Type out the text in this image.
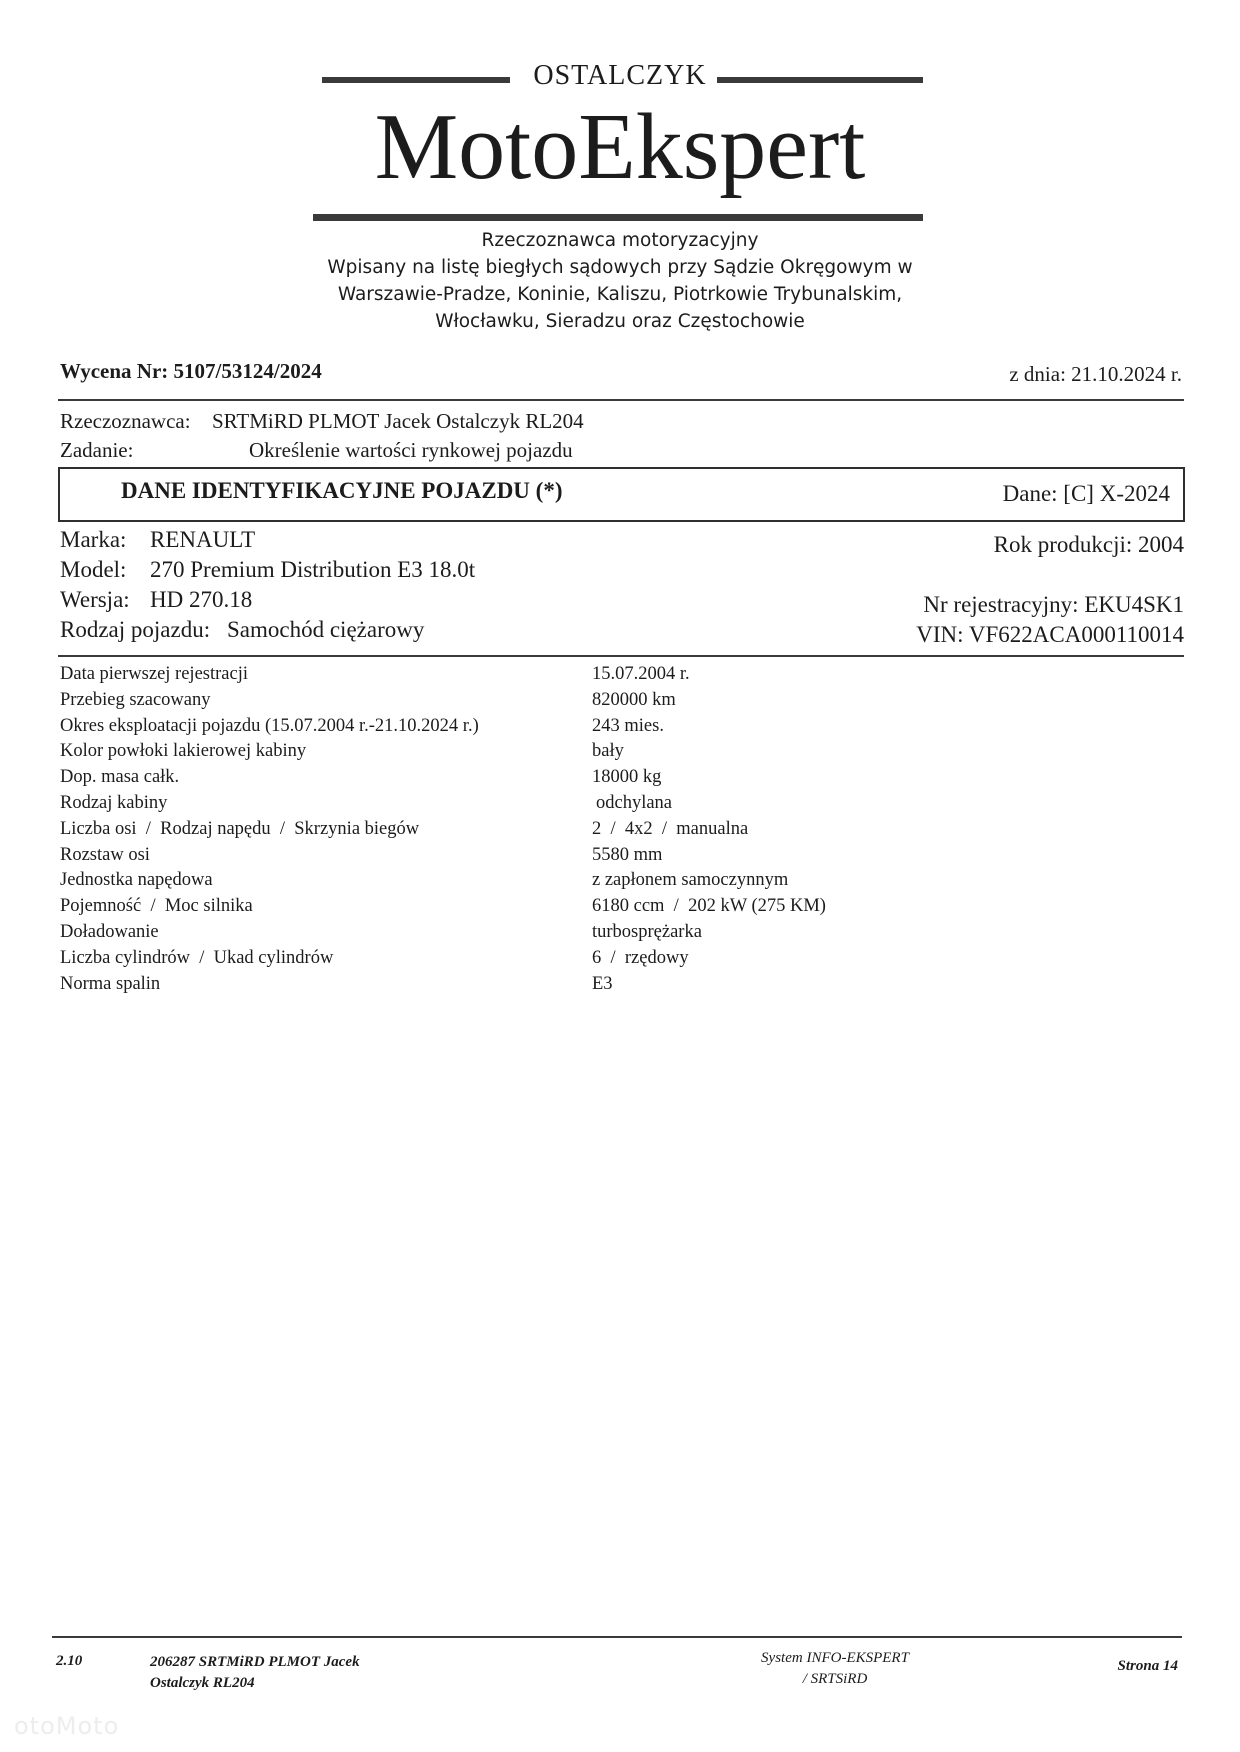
OSTALCZYK
MotoEkspert
Rzeczoznawca motoryzacyjny
Wpisany na listę biegłych sądowych przy Sądzie Okręgowym w
Warszawie-Pradze, Koninie, Kaliszu, Piotrkowie Trybunalskim,
Włocławku, Sieradzu oraz Częstochowie
Wycena Nr: 5107/53124/2024	z dnia: 21.10.2024 r.
Rzeczoznawca: SRTMiRD PLMOT Jacek Ostalczyk RL204
Zadanie:	Określenie wartości rynkowej pojazdu
DANE IDENTYFIKACYJNE POJAZDU (*)	Dane: [C] X-2024
Marka: RENAULT
Model: 270 Premium Distribution E3 18.0t
Wersja: HD 270.18
Rodzaj pojazdu: Samochód ciężarowy
Rok produkcji: 2004
Nr rejestracyjny: EKU4SK1
VIN: VF622ACA000110014
Data pierwszej rejestracji	15.07.2004 r.
Przebieg szacowany	820000 km
Okres eksploatacji pojazdu (15.07.2004 r.-21.10.2024 r.)	243 mies.
Kolor powłoki lakierowej kabiny	bały
Dop. masa całk.	18000 kg
Rodzaj kabiny	odchylana
Liczba osi  /  Rodzaj napędu  /  Skrzynia biegów	2  /  4x2  /  manualna
Rozstaw osi	5580 mm
Jednostka napędowa	z zapłonem samoczynnym
Pojemność  /  Moc silnika	6180 ccm  /  202 kW (275 KM)
Doładowanie	turbosprężarka
Liczba cylindrów  /  Ukad cylindrów	6  /  rzędowy
Norma spalin	E3
2.10	206287 SRTMiRD PLMOT Jacek
Ostalczyk RL204
System INFO-EKSPERT
/ SRTSiRD
Strona 14
otoMoto
